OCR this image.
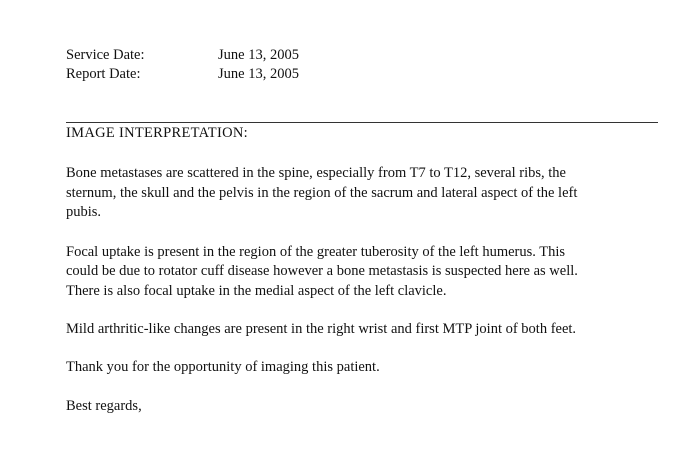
Service Date:	June 13, 2005
Report Date:	June 13, 2005
IMAGE INTERPRETATION:
Bone metastases are scattered in the spine, especially from T7 to T12, several ribs, the
sternum, the skull and the pelvis in the region of the sacrum and lateral aspect of the left
pubis.
Focal uptake is present in the region of the greater tuberosity of the left humerus. This
could be due to rotator cuff disease however a bone metastasis is suspected here as well.
There is also focal uptake in the medial aspect of the left clavicle.
Mild arthritic-like changes are present in the right wrist and first MTP joint of both feet.
Thank you for the opportunity of imaging this patient.
Best regards,
